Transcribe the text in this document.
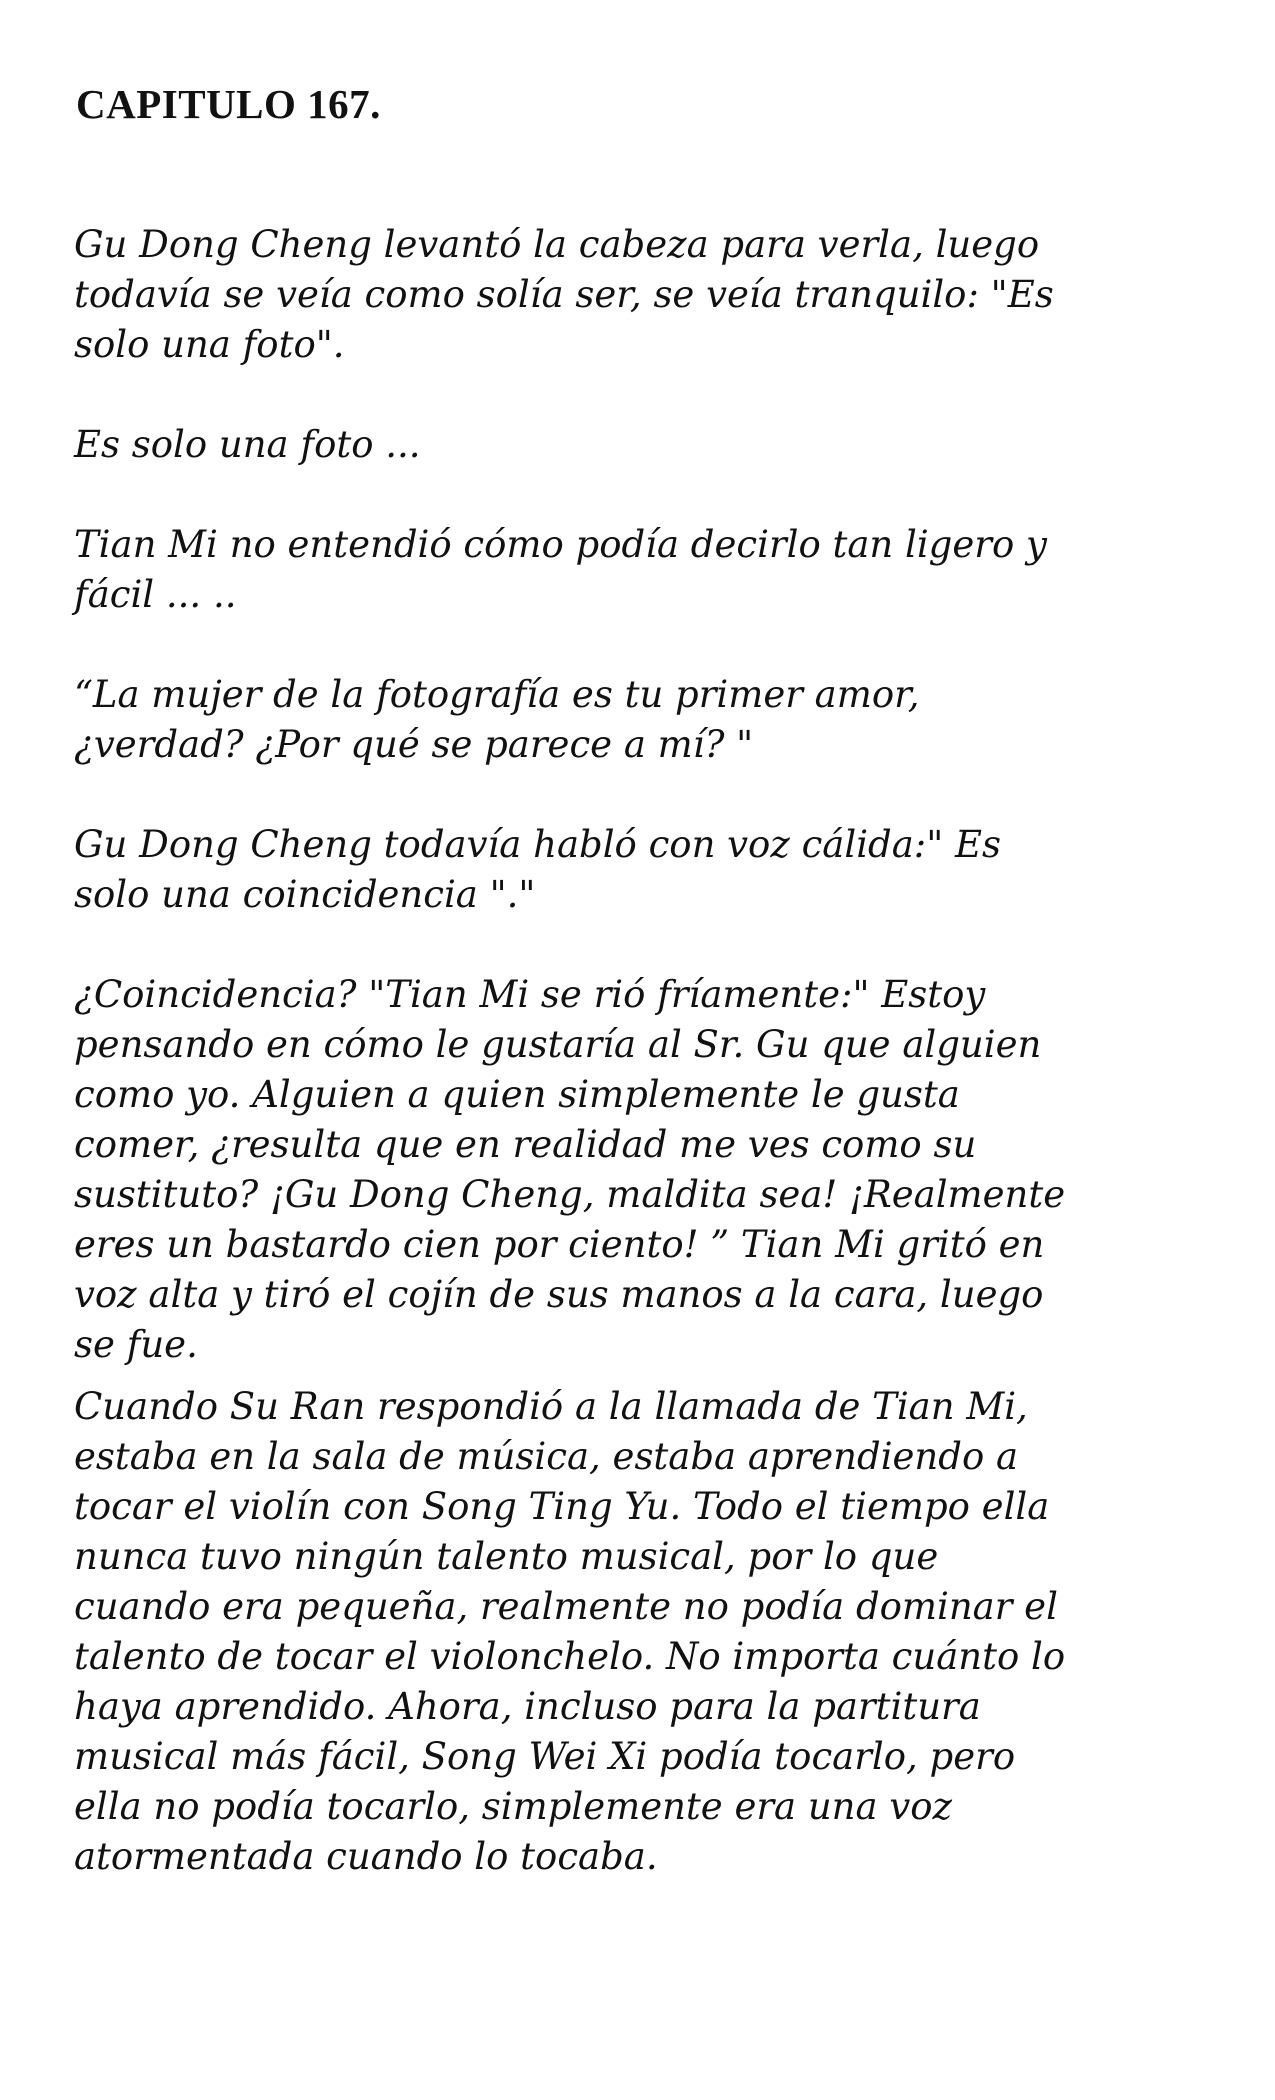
CAPITULO 167.

Gu Dong Cheng levantó la cabeza para verla, luego
todavía se veía como solía ser, se veía tranquilo: "Es
solo una foto".

Es solo una foto ...

Tian Mi no entendió cómo podía decirlo tan ligero y
fácil ... ..

“La mujer de la fotografía es tu primer amor,
¿verdad? ¿Por qué se parece a mí? "

Gu Dong Cheng todavía habló con voz cálida:" Es
solo una coincidencia "."

¿Coincidencia? "Tian Mi se rió fríamente:" Estoy
pensando en cómo le gustaría al Sr. Gu que alguien
como yo. Alguien a quien simplemente le gusta
comer, ¿resulta que en realidad me ves como su
sustituto? ¡Gu Dong Cheng, maldita sea! ¡Realmente
eres un bastardo cien por ciento! ” Tian Mi gritó en
voz alta y tiró el cojín de sus manos a la cara, luego
se fue.

Cuando Su Ran respondió a la llamada de Tian Mi,
estaba en la sala de música, estaba aprendiendo a
tocar el violín con Song Ting Yu. Todo el tiempo ella
nunca tuvo ningún talento musical, por lo que
cuando era pequeña, realmente no podía dominar el
talento de tocar el violonchelo. No importa cuánto lo
haya aprendido. Ahora, incluso para la partitura
musical más fácil, Song Wei Xi podía tocarlo, pero
ella no podía tocarlo, simplemente era una voz
atormentada cuando lo tocaba.
